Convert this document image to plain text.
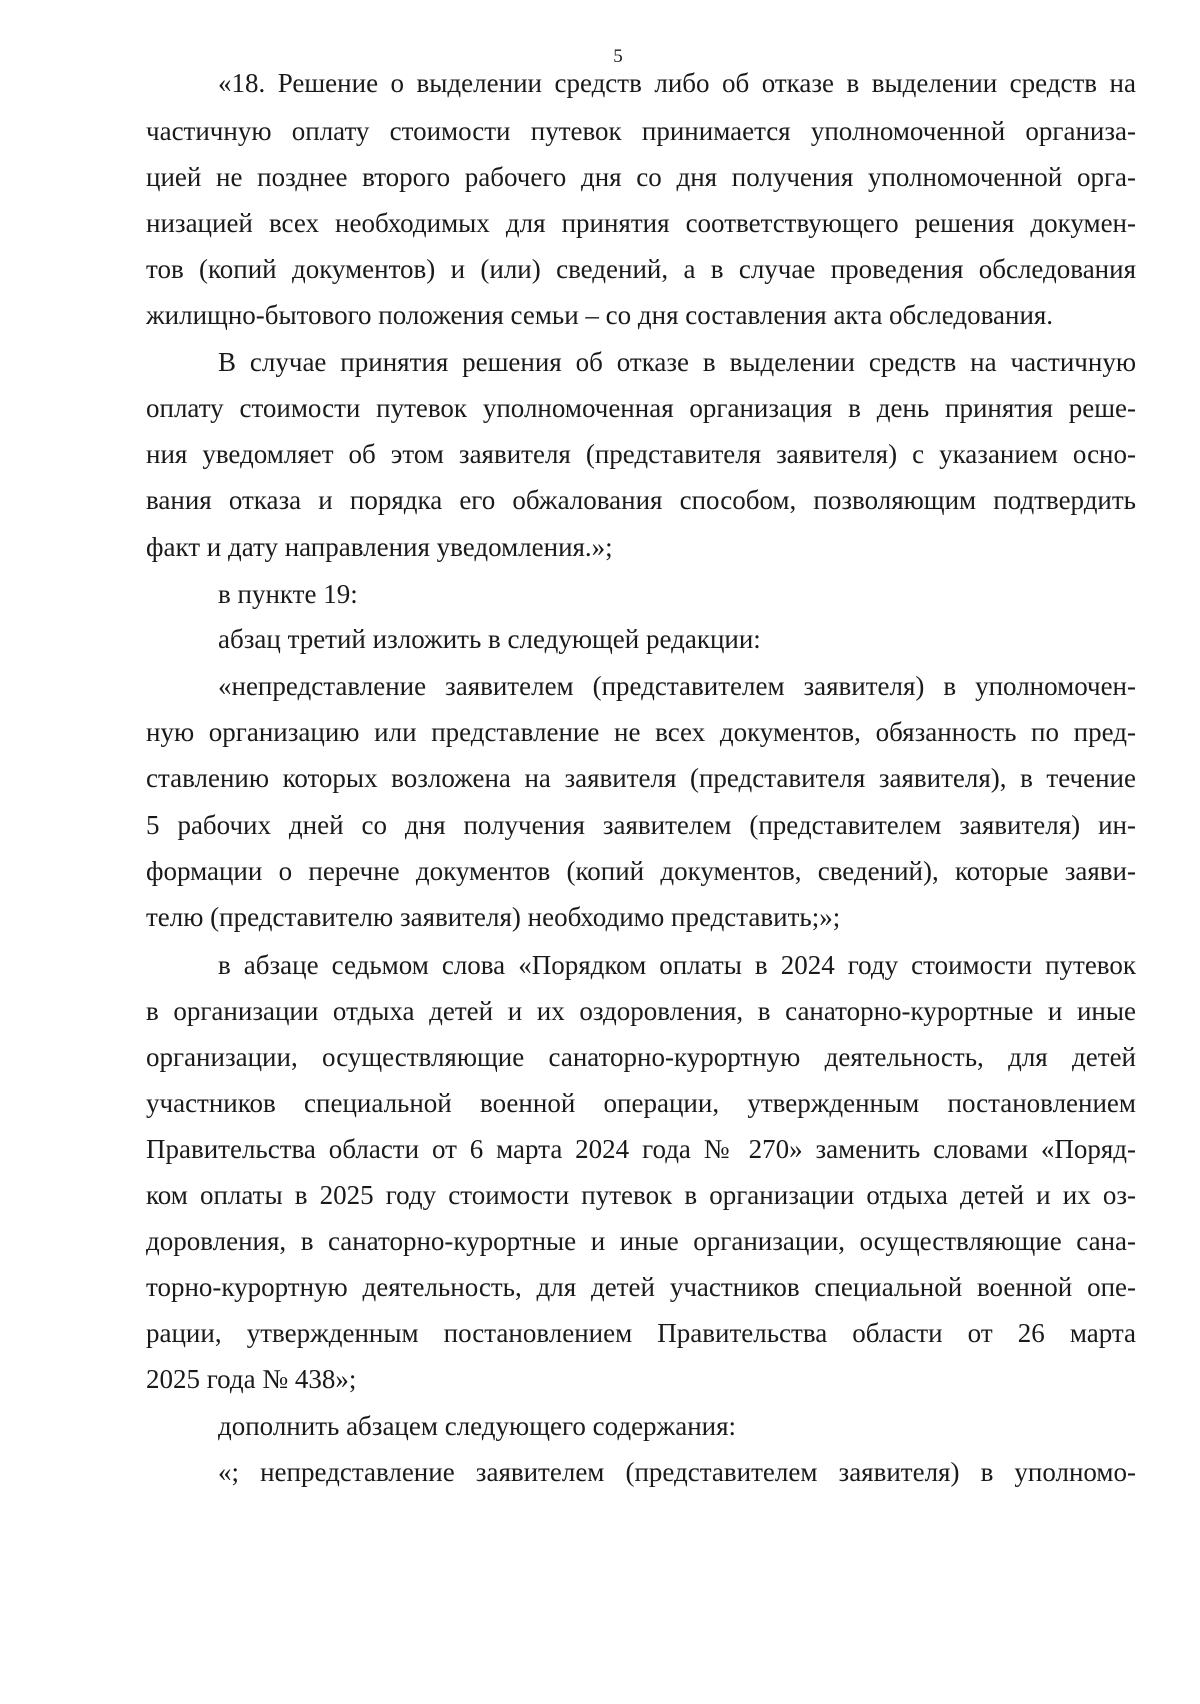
5
«18. Решение о выделении средств либо об отказе в выделении средств на
частичную оплату стоимости путевок принимается уполномоченной организа-
цией не позднее второго рабочего дня со дня получения уполномоченной орга-
низацией всех необходимых для принятия соответствующего решения докумен-
тов (копий документов) и (или) сведений, а в случае проведения обследования
жилищно-бытового положения семьи – со дня составления акта обследования.
В случае принятия решения об отказе в выделении средств на частичную
оплату стоимости путевок уполномоченная организация в день принятия реше-
ния уведомляет об этом заявителя (представителя заявителя) с указанием осно-
вания отказа и порядка его обжалования способом, позволяющим подтвердить
факт и дату направления уведомления.»;
в пункте 19:
абзац третий изложить в следующей редакции:
«непредставление заявителем (представителем заявителя) в уполномочен-
ную организацию или представление не всех документов, обязанность по пред-
ставлению которых возложена на заявителя (представителя заявителя), в течение
5 рабочих дней со дня получения заявителем (представителем заявителя) ин-
формации о перечне документов (копий документов, сведений), которые заяви-
телю (представителю заявителя) необходимо представить;»;
в абзаце седьмом слова «Порядком оплаты в 2024 году стоимости путевок
в организации отдыха детей и их оздоровления, в санаторно-курортные и иные
организации, осуществляющие санаторно-курортную деятельность, для детей
участников специальной военной операции, утвержденным постановлением
Правительства области от 6 марта 2024 года № 270» заменить словами «Поряд-
ком оплаты в 2025 году стоимости путевок в организации отдыха детей и их оз-
доровления, в санаторно-курортные и иные организации, осуществляющие сана-
торно-курортную деятельность, для детей участников специальной военной опе-
рации, утвержденным постановлением Правительства области от 26 марта
2025 года № 438»;
дополнить абзацем следующего содержания:
«; непредставление заявителем (представителем заявителя) в уполномо-
